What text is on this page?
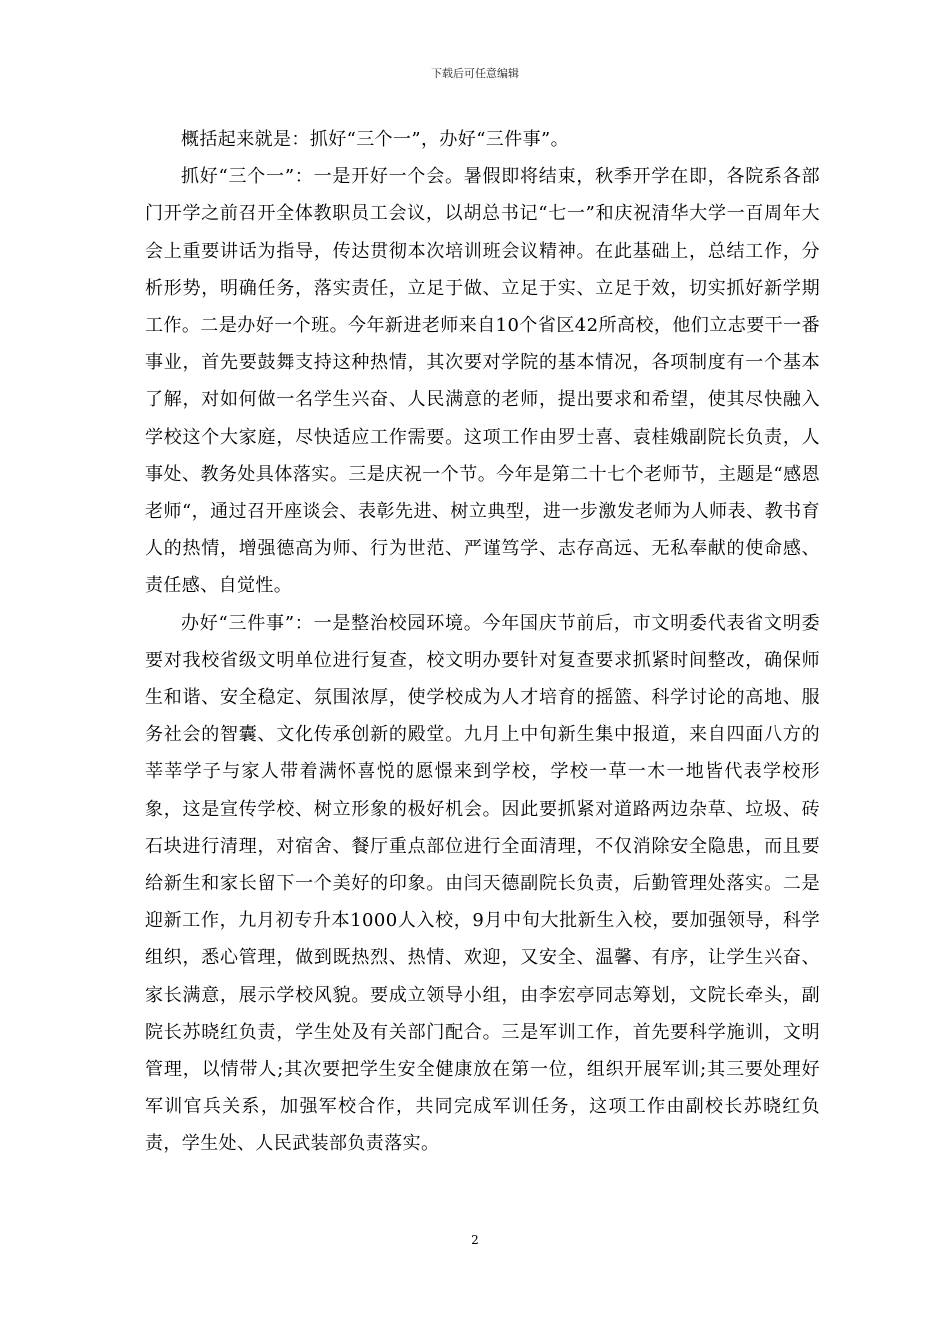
下载后可任意编辑

概括起来就是：抓好“三个一”，办好“三件事”。

抓好“三个一”：一是开好一个会。暑假即将结束，秋季开学在即，各院系各部门开学之前召开全体教职员工会议，以胡总书记“七一”和庆祝清华大学一百周年大会上重要讲话为指导，传达贯彻本次培训班会议精神。在此基础上，总结工作，分析形势，明确任务，落实责任，立足于做、立足于实、立足于效，切实抓好新学期工作。二是办好一个班。今年新进老师来自10个省区42所高校，他们立志要干一番事业，首先要鼓舞支持这种热情，其次要对学院的基本情况，各项制度有一个基本了解，对如何做一名学生兴奋、人民满意的老师，提出要求和希望，使其尽快融入学校这个大家庭，尽快适应工作需要。这项工作由罗士喜、袁桂娥副院长负责，人事处、教务处具体落实。三是庆祝一个节。今年是第二十七个老师节，主题是“感恩老师“，通过召开座谈会、表彰先进、树立典型，进一步激发老师为人师表、教书育人的热情，增强德高为师、行为世范、严谨笃学、志存高远、无私奉献的使命感、责任感、自觉性。

办好“三件事”：一是整治校园环境。今年国庆节前后，市文明委代表省文明委要对我校省级文明单位进行复查，校文明办要针对复查要求抓紧时间整改，确保师生和谐、安全稳定、氛围浓厚，使学校成为人才培育的摇篮、科学讨论的高地、服务社会的智囊、文化传承创新的殿堂。九月上中旬新生集中报道，来自四面八方的莘莘学子与家人带着满怀喜悦的愿憬来到学校，学校一草一木一地皆代表学校形象，这是宣传学校、树立形象的极好机会。因此要抓紧对道路两边杂草、垃圾、砖石块进行清理，对宿舍、餐厅重点部位进行全面清理，不仅消除安全隐患，而且要给新生和家长留下一个美好的印象。由闫天德副院长负责，后勤管理处落实。二是迎新工作，九月初专升本1000人入校，9月中旬大批新生入校，要加强领导，科学组织，悉心管理，做到既热烈、热情、欢迎，又安全、温馨、有序，让学生兴奋、家长满意，展示学校风貌。要成立领导小组，由李宏亭同志筹划，文院长牵头，副院长苏晓红负责，学生处及有关部门配合。三是军训工作，首先要科学施训，文明管理，以情带人;其次要把学生安全健康放在第一位，组织开展军训;其三要处理好军训官兵关系，加强军校合作，共同完成军训任务，这项工作由副校长苏晓红负责，学生处、人民武装部负责落实。

2
